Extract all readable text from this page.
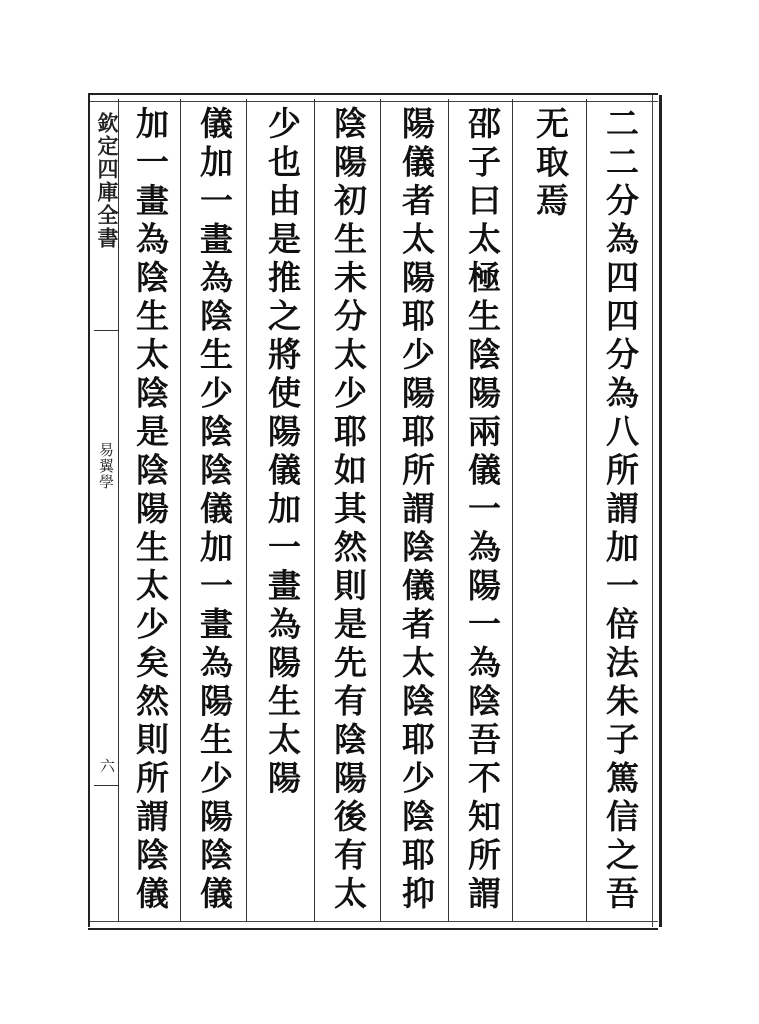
欽定四庫全書
易翼學
六	二二分為四四分為八所謂加一倍法朱子篤信之吾
无取焉
邵子曰太極生陰陽兩儀一為陽一為陰吾不知所謂
陽儀者太陽耶少陽耶所謂陰儀者太陰耶少陰耶抑
陰陽初生未分太少耶如其然則是先有陰陽後有太
少也由是推之將使陽儀加一畫為陽生太陽
儀加一畫為陰生少陰陰儀加一畫為陽生少陽陰儀
加一畫為陰生太陰是陰陽生太少矣然則所謂陰儀
